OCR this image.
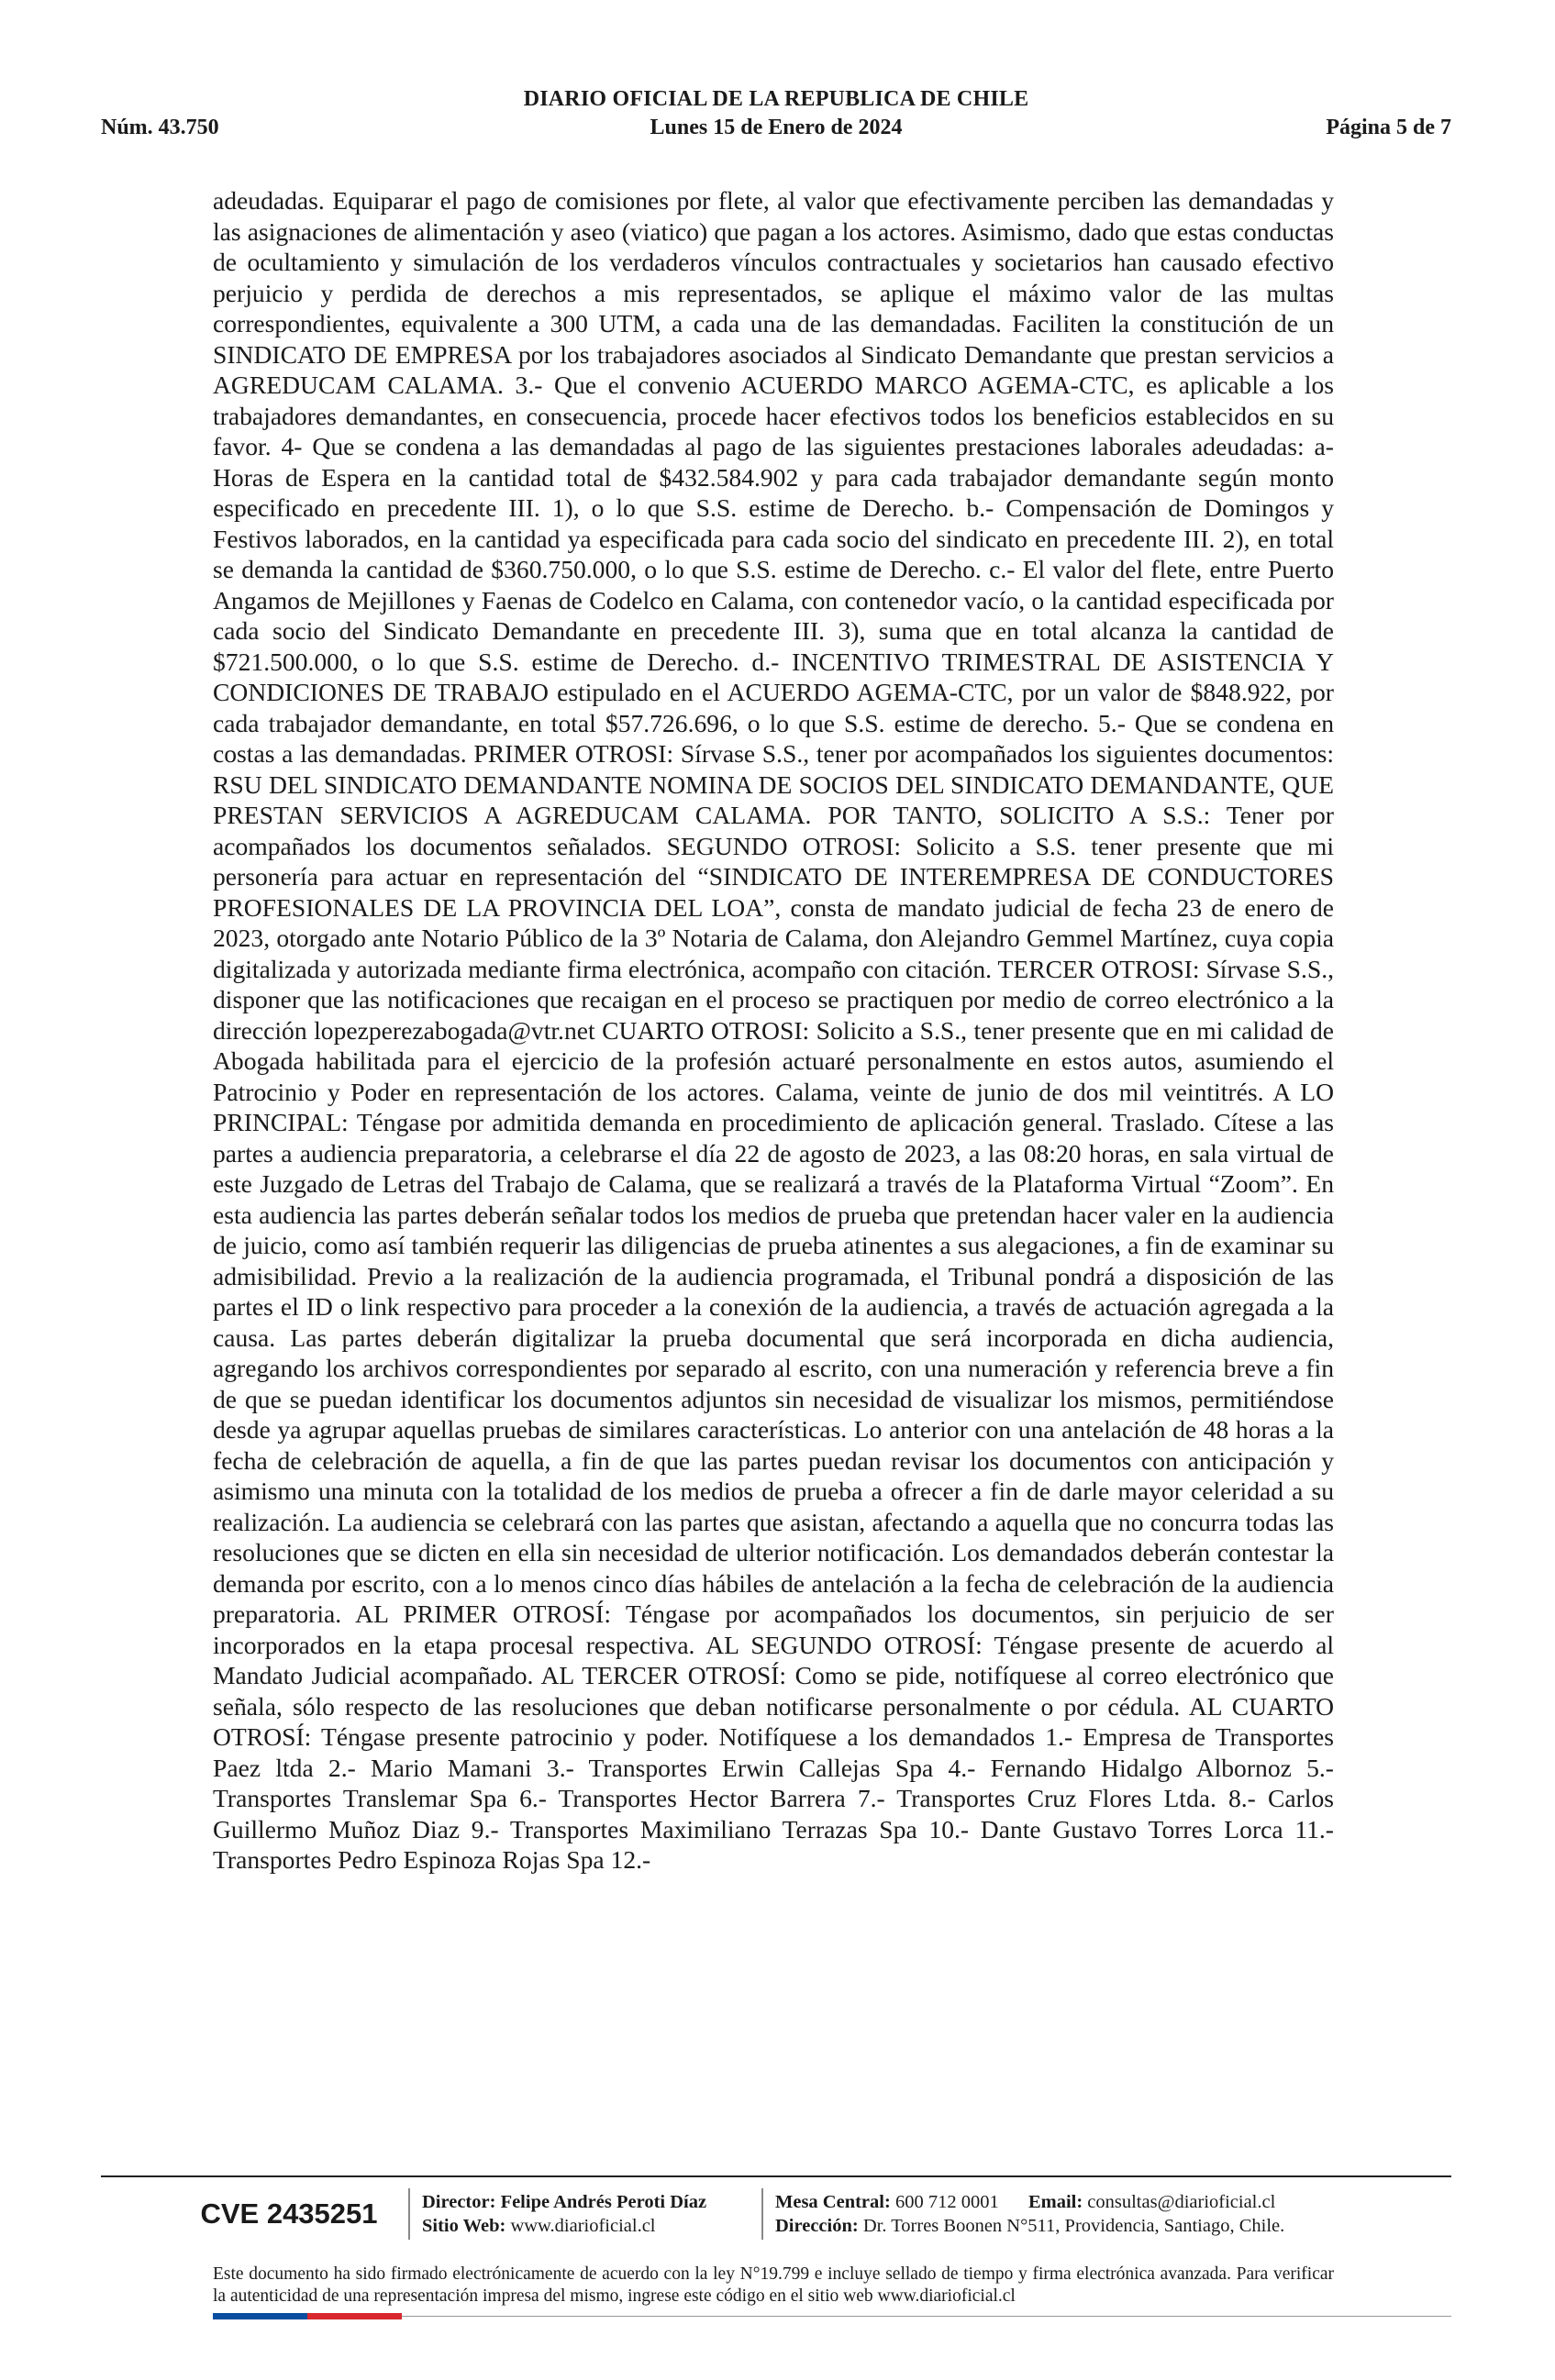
DIARIO OFICIAL DE LA REPUBLICA DE CHILE
Núm. 43.750	Lunes 15 de Enero de 2024	Página 5 de 7
adeudadas. Equiparar el pago de comisiones por flete, al valor que efectivamente perciben las demandadas y las asignaciones de alimentación y aseo (viatico) que pagan a los actores. Asimismo, dado que estas conductas de ocultamiento y simulación de los verdaderos vínculos contractuales y societarios han causado efectivo perjuicio y perdida de derechos a mis representados, se aplique el máximo valor de las multas correspondientes, equivalente a 300 UTM, a cada una de las demandadas. Faciliten la constitución de un SINDICATO DE EMPRESA por los trabajadores asociados al Sindicato Demandante que prestan servicios a AGREDUCAM CALAMA. 3.- Que el convenio ACUERDO MARCO AGEMA-CTC, es aplicable a los trabajadores demandantes, en consecuencia, procede hacer efectivos todos los beneficios establecidos en su favor. 4- Que se condena a las demandadas al pago de las siguientes prestaciones laborales adeudadas: a- Horas de Espera en la cantidad total de $432.584.902 y para cada trabajador demandante según monto especificado en precedente III. 1), o lo que S.S. estime de Derecho. b.- Compensación de Domingos y Festivos laborados, en la cantidad ya especificada para cada socio del sindicato en precedente III. 2), en total se demanda la cantidad de $360.750.000, o lo que S.S. estime de Derecho. c.- El valor del flete, entre Puerto Angamos de Mejillones y Faenas de Codelco en Calama, con contenedor vacío, o la cantidad especificada por cada socio del Sindicato Demandante en precedente III. 3), suma que en total alcanza la cantidad de $721.500.000, o lo que S.S. estime de Derecho. d.- INCENTIVO TRIMESTRAL DE ASISTENCIA Y CONDICIONES DE TRABAJO estipulado en el ACUERDO AGEMA-CTC, por un valor de $848.922, por cada trabajador demandante, en total $57.726.696, o lo que S.S. estime de derecho. 5.- Que se condena en costas a las demandadas. PRIMER OTROSI: Sírvase S.S., tener por acompañados los siguientes documentos: RSU DEL SINDICATO DEMANDANTE NOMINA DE SOCIOS DEL SINDICATO DEMANDANTE, QUE PRESTAN SERVICIOS A AGREDUCAM CALAMA. POR TANTO, SOLICITO A S.S.: Tener por acompañados los documentos señalados. SEGUNDO OTROSI: Solicito a S.S. tener presente que mi personería para actuar en representación del “SINDICATO DE INTEREMPRESA DE CONDUCTORES PROFESIONALES DE LA PROVINCIA DEL LOA”, consta de mandato judicial de fecha 23 de enero de 2023, otorgado ante Notario Público de la 3º Notaria de Calama, don Alejandro Gemmel Martínez, cuya copia digitalizada y autorizada mediante firma electrónica, acompaño con citación. TERCER OTROSI: Sírvase S.S., disponer que las notificaciones que recaigan en el proceso se practiquen por medio de correo electrónico a la dirección lopezperezabogada@vtr.net CUARTO OTROSI: Solicito a S.S., tener presente que en mi calidad de Abogada habilitada para el ejercicio de la profesión actuaré personalmente en estos autos, asumiendo el Patrocinio y Poder en representación de los actores. Calama, veinte de junio de dos mil veintitrés. A LO PRINCIPAL: Téngase por admitida demanda en procedimiento de aplicación general. Traslado. Cítese a las partes a audiencia preparatoria, a celebrarse el día 22 de agosto de 2023, a las 08:20 horas, en sala virtual de este Juzgado de Letras del Trabajo de Calama, que se realizará a través de la Plataforma Virtual “Zoom”. En esta audiencia las partes deberán señalar todos los medios de prueba que pretendan hacer valer en la audiencia de juicio, como así también requerir las diligencias de prueba atinentes a sus alegaciones, a fin de examinar su admisibilidad. Previo a la realización de la audiencia programada, el Tribunal pondrá a disposición de las partes el ID o link respectivo para proceder a la conexión de la audiencia, a través de actuación agregada a la causa. Las partes deberán digitalizar la prueba documental que será incorporada en dicha audiencia, agregando los archivos correspondientes por separado al escrito, con una numeración y referencia breve a fin de que se puedan identificar los documentos adjuntos sin necesidad de visualizar los mismos, permitiéndose desde ya agrupar aquellas pruebas de similares características. Lo anterior con una antelación de 48 horas a la fecha de celebración de aquella, a fin de que las partes puedan revisar los documentos con anticipación y asimismo una minuta con la totalidad de los medios de prueba a ofrecer a fin de darle mayor celeridad a su realización. La audiencia se celebrará con las partes que asistan, afectando a aquella que no concurra todas las resoluciones que se dicten en ella sin necesidad de ulterior notificación. Los demandados deberán contestar la demanda por escrito, con a lo menos cinco días hábiles de antelación a la fecha de celebración de la audiencia preparatoria. AL PRIMER OTROSÍ: Téngase por acompañados los documentos, sin perjuicio de ser incorporados en la etapa procesal respectiva. AL SEGUNDO OTROSÍ: Téngase presente de acuerdo al Mandato Judicial acompañado. AL TERCER OTROSÍ: Como se pide, notifíquese al correo electrónico que señala, sólo respecto de las resoluciones que deban notificarse personalmente o por cédula. AL CUARTO OTROSÍ: Téngase presente patrocinio y poder. Notifíquese a los demandados 1.- Empresa de Transportes Paez ltda 2.- Mario Mamani 3.- Transportes Erwin Callejas Spa 4.- Fernando Hidalgo Albornoz 5.- Transportes Translemar Spa 6.- Transportes Hector Barrera 7.- Transportes Cruz Flores Ltda. 8.- Carlos Guillermo Muñoz Diaz 9.- Transportes Maximiliano Terrazas Spa 10.- Dante Gustavo Torres Lorca 11.- Transportes Pedro Espinoza Rojas Spa 12.-
CVE 2435251	Director: Felipe Andrés Peroti Díaz
Sitio Web: www.diarioficial.cl
Mesa Central: 600 712 0001 Email: consultas@diarioficial.cl
Dirección: Dr. Torres Boonen N°511, Providencia, Santiago, Chile.
Este documento ha sido firmado electrónicamente de acuerdo con la ley N°19.799 e incluye sellado de tiempo y firma electrónica avanzada. Para verificar la autenticidad de una representación impresa del mismo, ingrese este código en el sitio web www.diarioficial.cl
